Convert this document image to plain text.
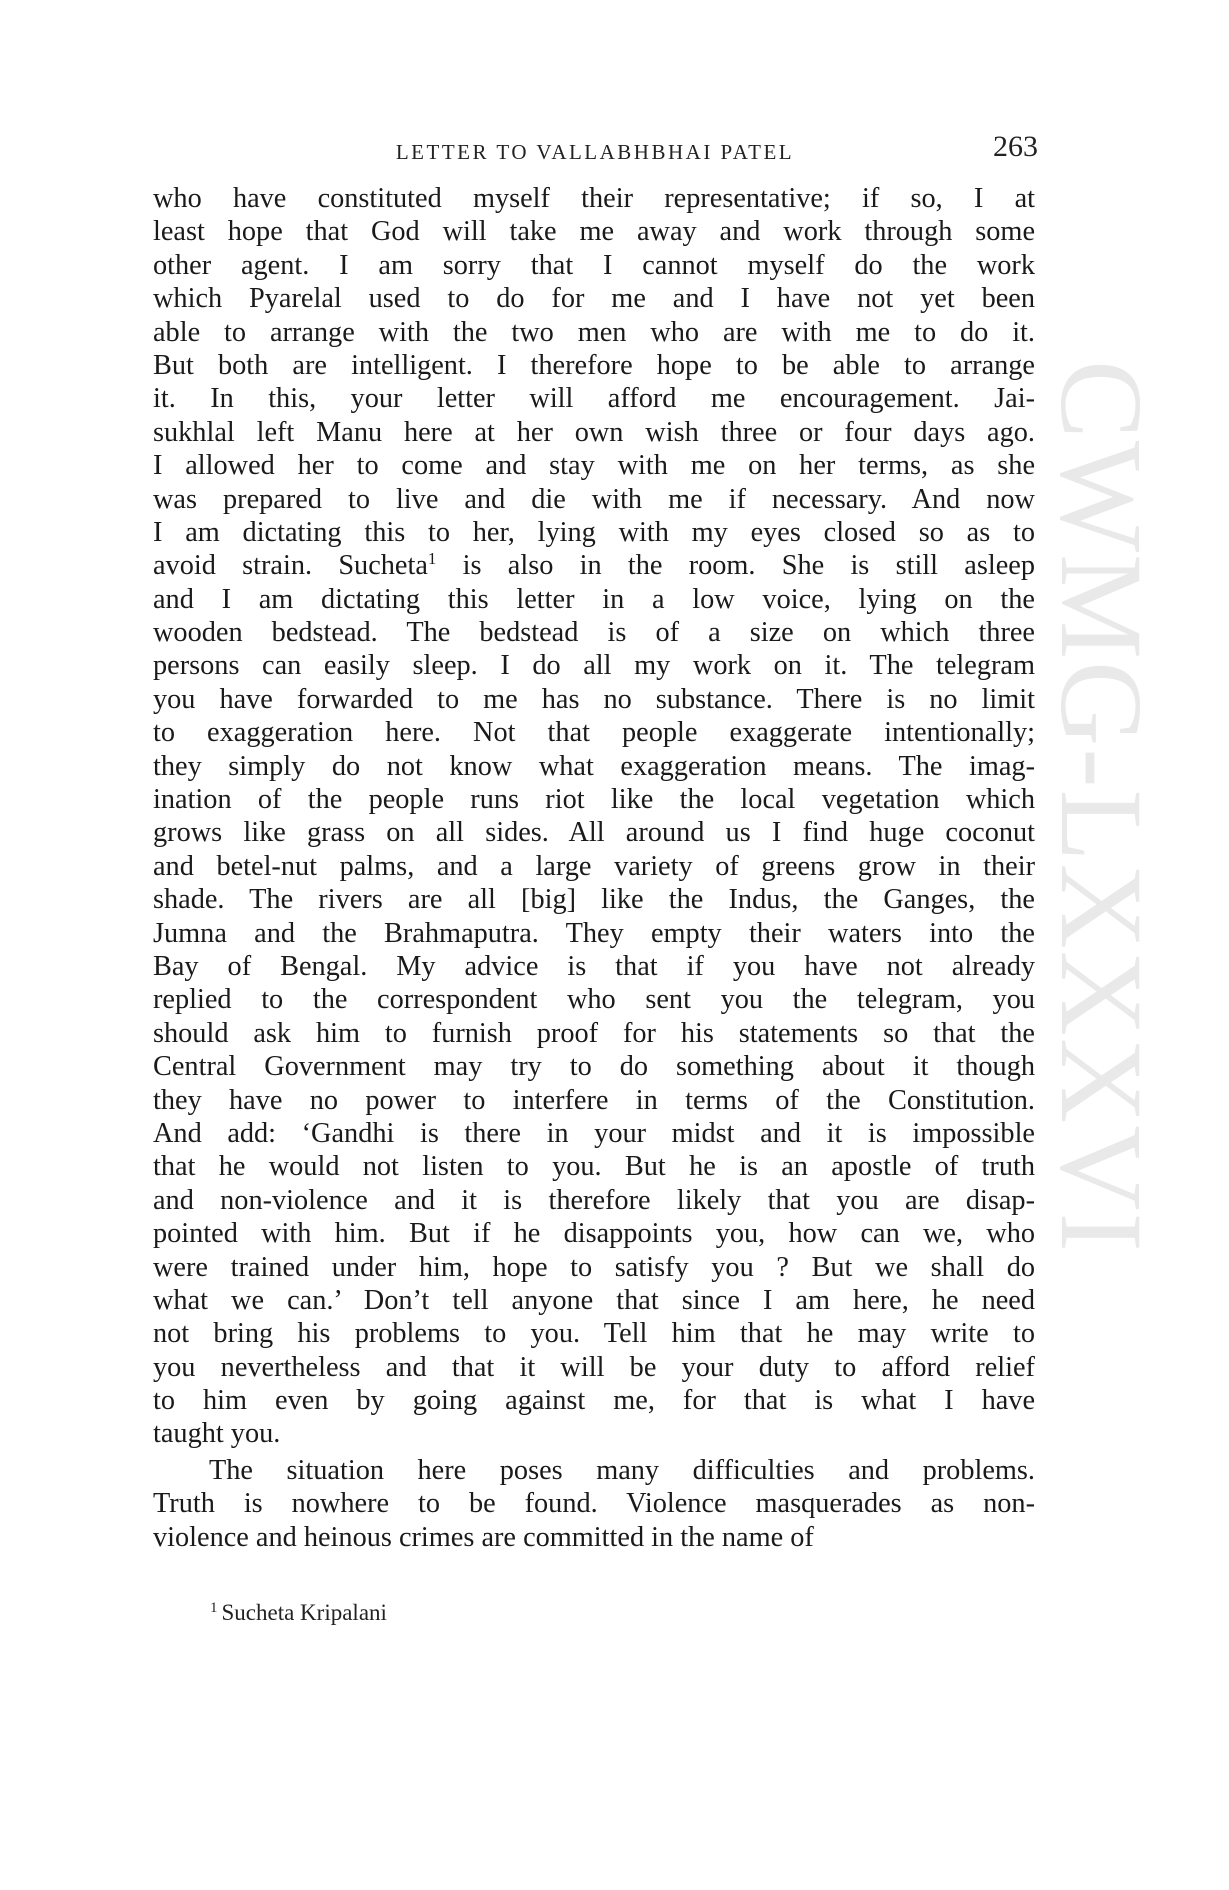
CWMG-LXXXVI
LETTER TO VALLABHBHAI PATEL	263

who have constituted myself their representative; if so, I at
least hope that God will take me away and work through some
other agent. I am sorry that I cannot myself do the work
which Pyarelal used to do for me and I have not yet been
able to arrange with the two men who are with me to do it.
But both are intelligent. I therefore hope to be able to arrange
it. In this, your letter will afford me encouragement. Jai-
sukhlal left Manu here at her own wish three or four days ago.
I allowed her to come and stay with me on her terms, as she
was prepared to live and die with me if necessary. And now
I am dictating this to her, lying with my eyes closed so as to
avoid strain. Sucheta$^1$ is also in the room. She is still asleep
and I am dictating this letter in a low voice, lying on the
wooden bedstead. The bedstead is of a size on which three
persons can easily sleep. I do all my work on it. The telegram
you have forwarded to me has no substance. There is no limit
to exaggeration here. Not that people exaggerate intentionally;
they simply do not know what exaggeration means. The imag-
ination of the people runs riot like the local vegetation which
grows like grass on all sides. All around us I find huge coconut
and betel-nut palms, and a large variety of greens grow in their
shade. The rivers are all [big] like the Indus, the Ganges, the
Jumna and the Brahmaputra. They empty their waters into the
Bay of Bengal. My advice is that if you have not already
replied to the correspondent who sent you the telegram, you
should ask him to furnish proof for his statements so that the
Central Government may try to do something about it though
they have no power to interfere in terms of the Constitution.
And add: ‘Gandhi is there in your midst and it is impossible
that he would not listen to you. But he is an apostle of truth
and non-violence and it is therefore likely that you are disap-
pointed with him. But if he disappoints you, how can we, who
were trained under him, hope to satisfy you ? But we shall do
what we can.’ Don’t tell anyone that since I am here, he need
not bring his problems to you. Tell him that he may write to
you nevertheless and that it will be your duty to afford relief
to him even by going against me, for that is what I have
taught you.

The situation here poses many difficulties and problems.
Truth is nowhere to be found. Violence masquerades as non-
violence and heinous crimes are committed in the name of

$^1$ Sucheta Kripalani
